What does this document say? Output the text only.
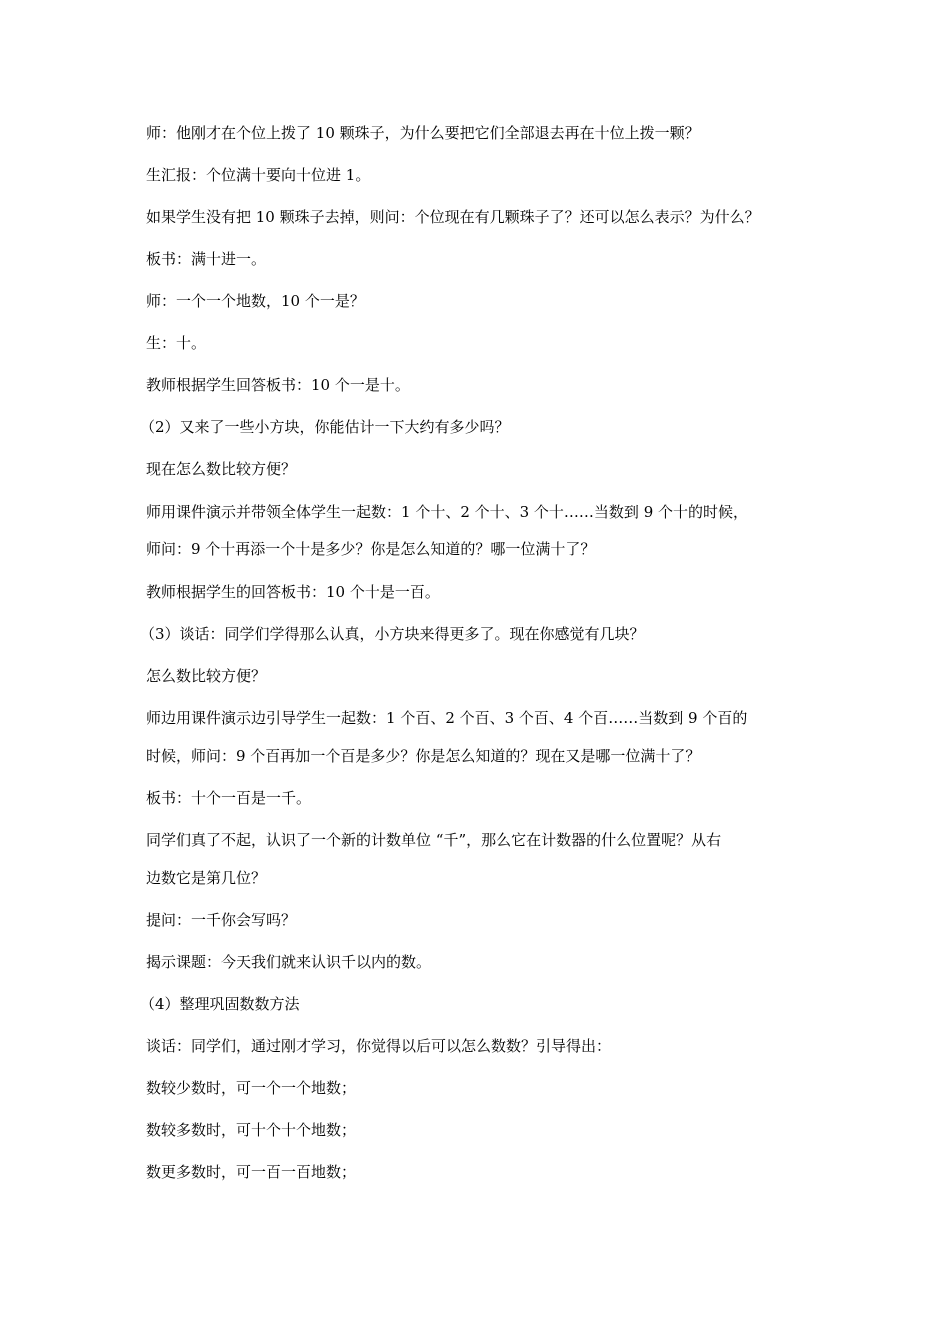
师：他刚才在个位上拨了 10 颗珠子，为什么要把它们全部退去再在十位上拨一颗？
生汇报：个位满十要向十位进 1。
如果学生没有把 10 颗珠子去掉，则问：个位现在有几颗珠子了？还可以怎么表示？为什么？
板书：满十进一。
师：一个一个地数，10 个一是？
生：十。
教师根据学生回答板书：10 个一是十。
（2）又来了一些小方块，你能估计一下大约有多少吗？
现在怎么数比较方便？
师用课件演示并带领全体学生一起数：1 个十、2 个十、3 个十……当数到 9 个十的时候，
师问：9 个十再添一个十是多少？你是怎么知道的？哪一位满十了？
教师根据学生的回答板书：10 个十是一百。
（3）谈话：同学们学得那么认真，小方块来得更多了。现在你感觉有几块？
怎么数比较方便？
师边用课件演示边引导学生一起数：1 个百、2 个百、3 个百、4 个百……当数到 9 个百的
时候，师问：9 个百再加一个百是多少？你是怎么知道的？现在又是哪一位满十了？
板书：十个一百是一千。
同学们真了不起，认识了一个新的计数单位 “千”，那么它在计数器的什么位置呢？从右
边数它是第几位？
提问：一千你会写吗？
揭示课题：今天我们就来认识千以内的数。
（4）整理巩固数数方法
谈话：同学们，通过刚才学习，你觉得以后可以怎么数数？引导得出：
数较少数时，可一个一个地数；
数较多数时，可十个十个地数；
数更多数时，可一百一百地数；
